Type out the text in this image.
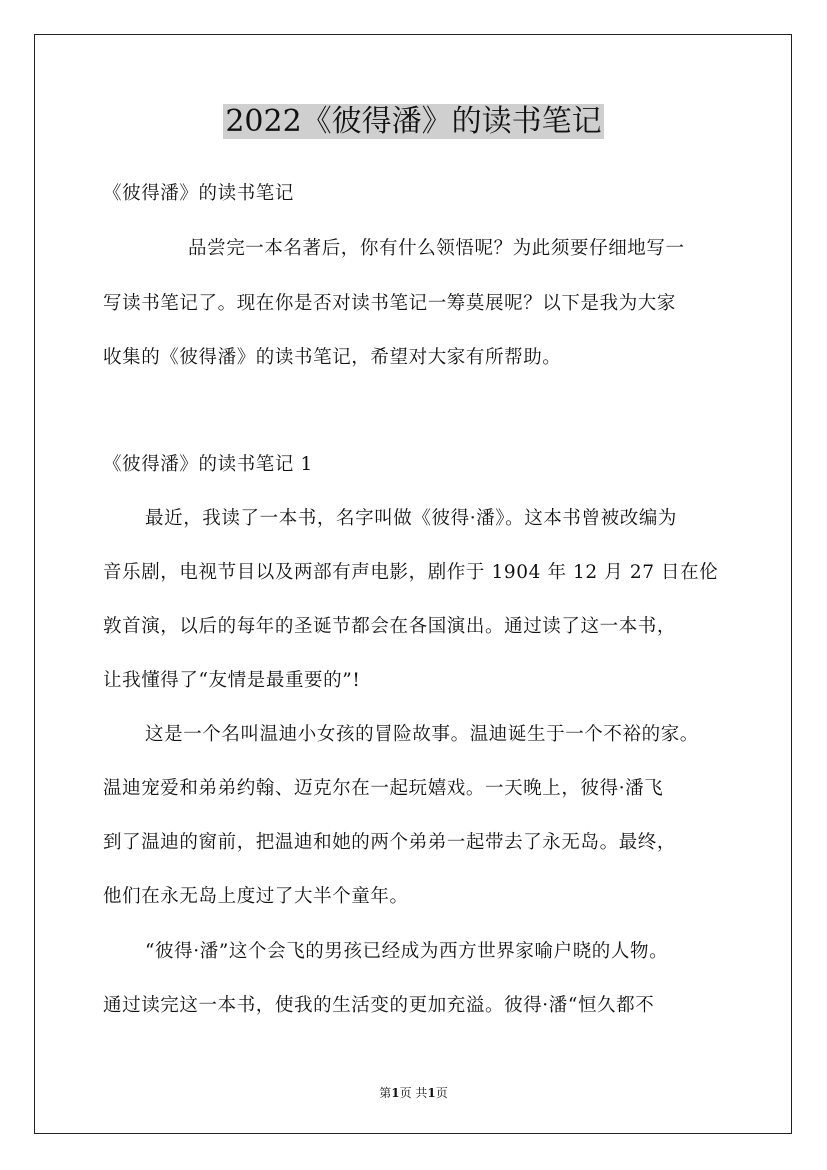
2022《彼得潘》的读书笔记
《彼得潘》的读书笔记
品尝完一本名著后，你有什么领悟呢？为此须要仔细地写一
写读书笔记了。现在你是否对读书笔记一筹莫展呢？以下是我为大家
收集的《彼得潘》的读书笔记，希望对大家有所帮助。
《彼得潘》的读书笔记 1
最近，我读了一本书，名字叫做《彼得·潘》。这本书曾被改编为
音乐剧，电视节目以及两部有声电影，剧作于 1904 年 12 月 27 日在伦
敦首演，以后的每年的圣诞节都会在各国演出。通过读了这一本书，
让我懂得了“友情是最重要的”!
这是一个名叫温迪小女孩的冒险故事。温迪诞生于一个不裕的家。
温迪宠爱和弟弟约翰、迈克尔在一起玩嬉戏。一天晚上，彼得·潘飞
到了温迪的窗前，把温迪和她的两个弟弟一起带去了永无岛。最终，
他们在永无岛上度过了大半个童年。
“彼得·潘”这个会飞的男孩已经成为西方世界家喻户晓的人物。
通过读完这一本书，使我的生活变的更加充溢。彼得·潘“恒久都不
第1页 共1页
